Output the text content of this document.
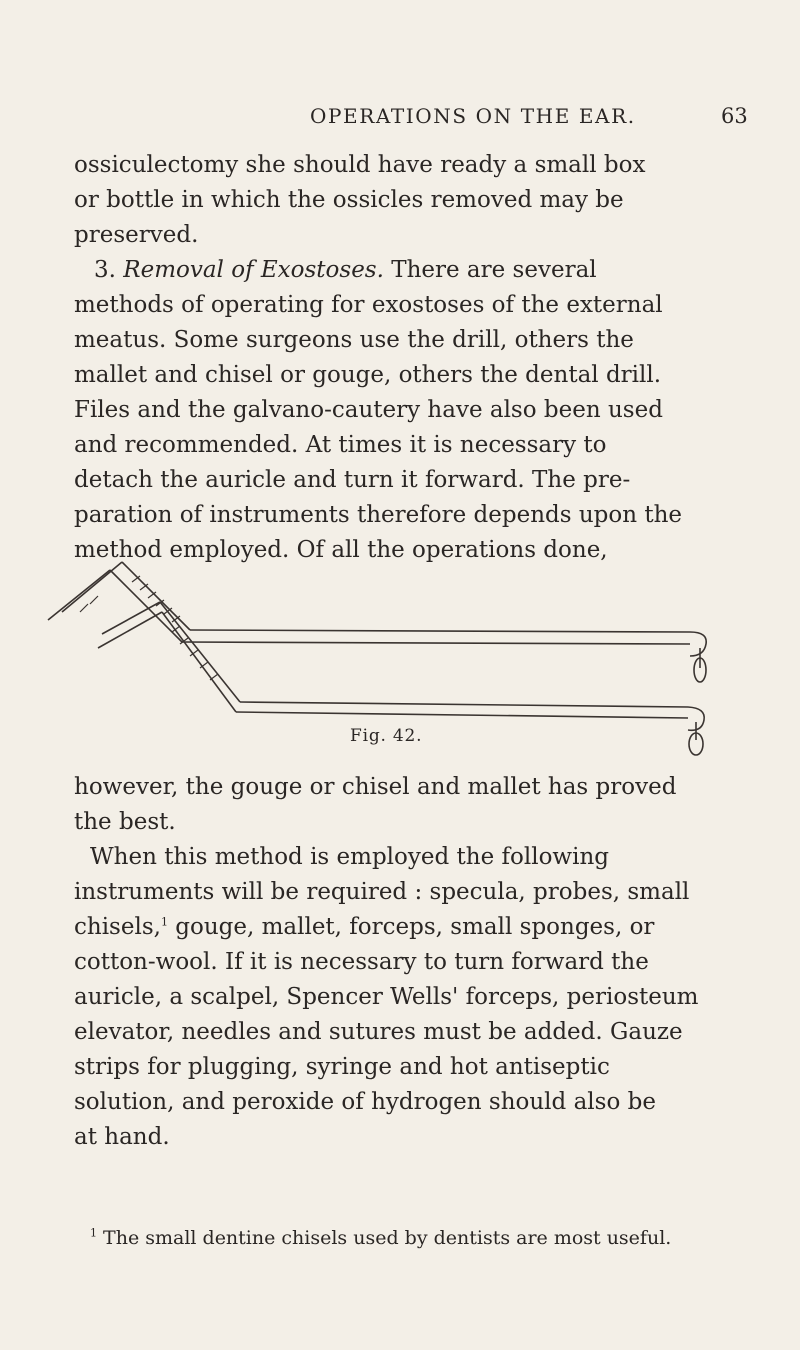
OPERATIONS ON THE EAR.	63

ossiculectomy she should have ready a small box
or bottle in which the ossicles removed may be
preserved.

3. Removal of Exostoses. There are several
methods of operating for exostoses of the external
meatus. Some surgeons use the drill, others the
mallet and chisel or gouge, others the dental drill.
Files and the galvano-cautery have also been used
and recommended. At times it is necessary to
detach the auricle and turn it forward. The pre-
paration of instruments therefore depends upon the
method employed. Of all the operations done,

Fig. 42.

however, the gouge or chisel and mallet has proved
the best.

When this method is employed the following
instruments will be required : specula, probes, small
chisels,$^1$ gouge, mallet, forceps, small sponges, or
cotton-wool. If it is necessary to turn forward the
auricle, a scalpel, Spencer Wells' forceps, periosteum
elevator, needles and sutures must be added. Gauze
strips for plugging, syringe and hot antiseptic
solution, and peroxide of hydrogen should also be
at hand.

$^1$ The small dentine chisels used by dentists are most useful.
